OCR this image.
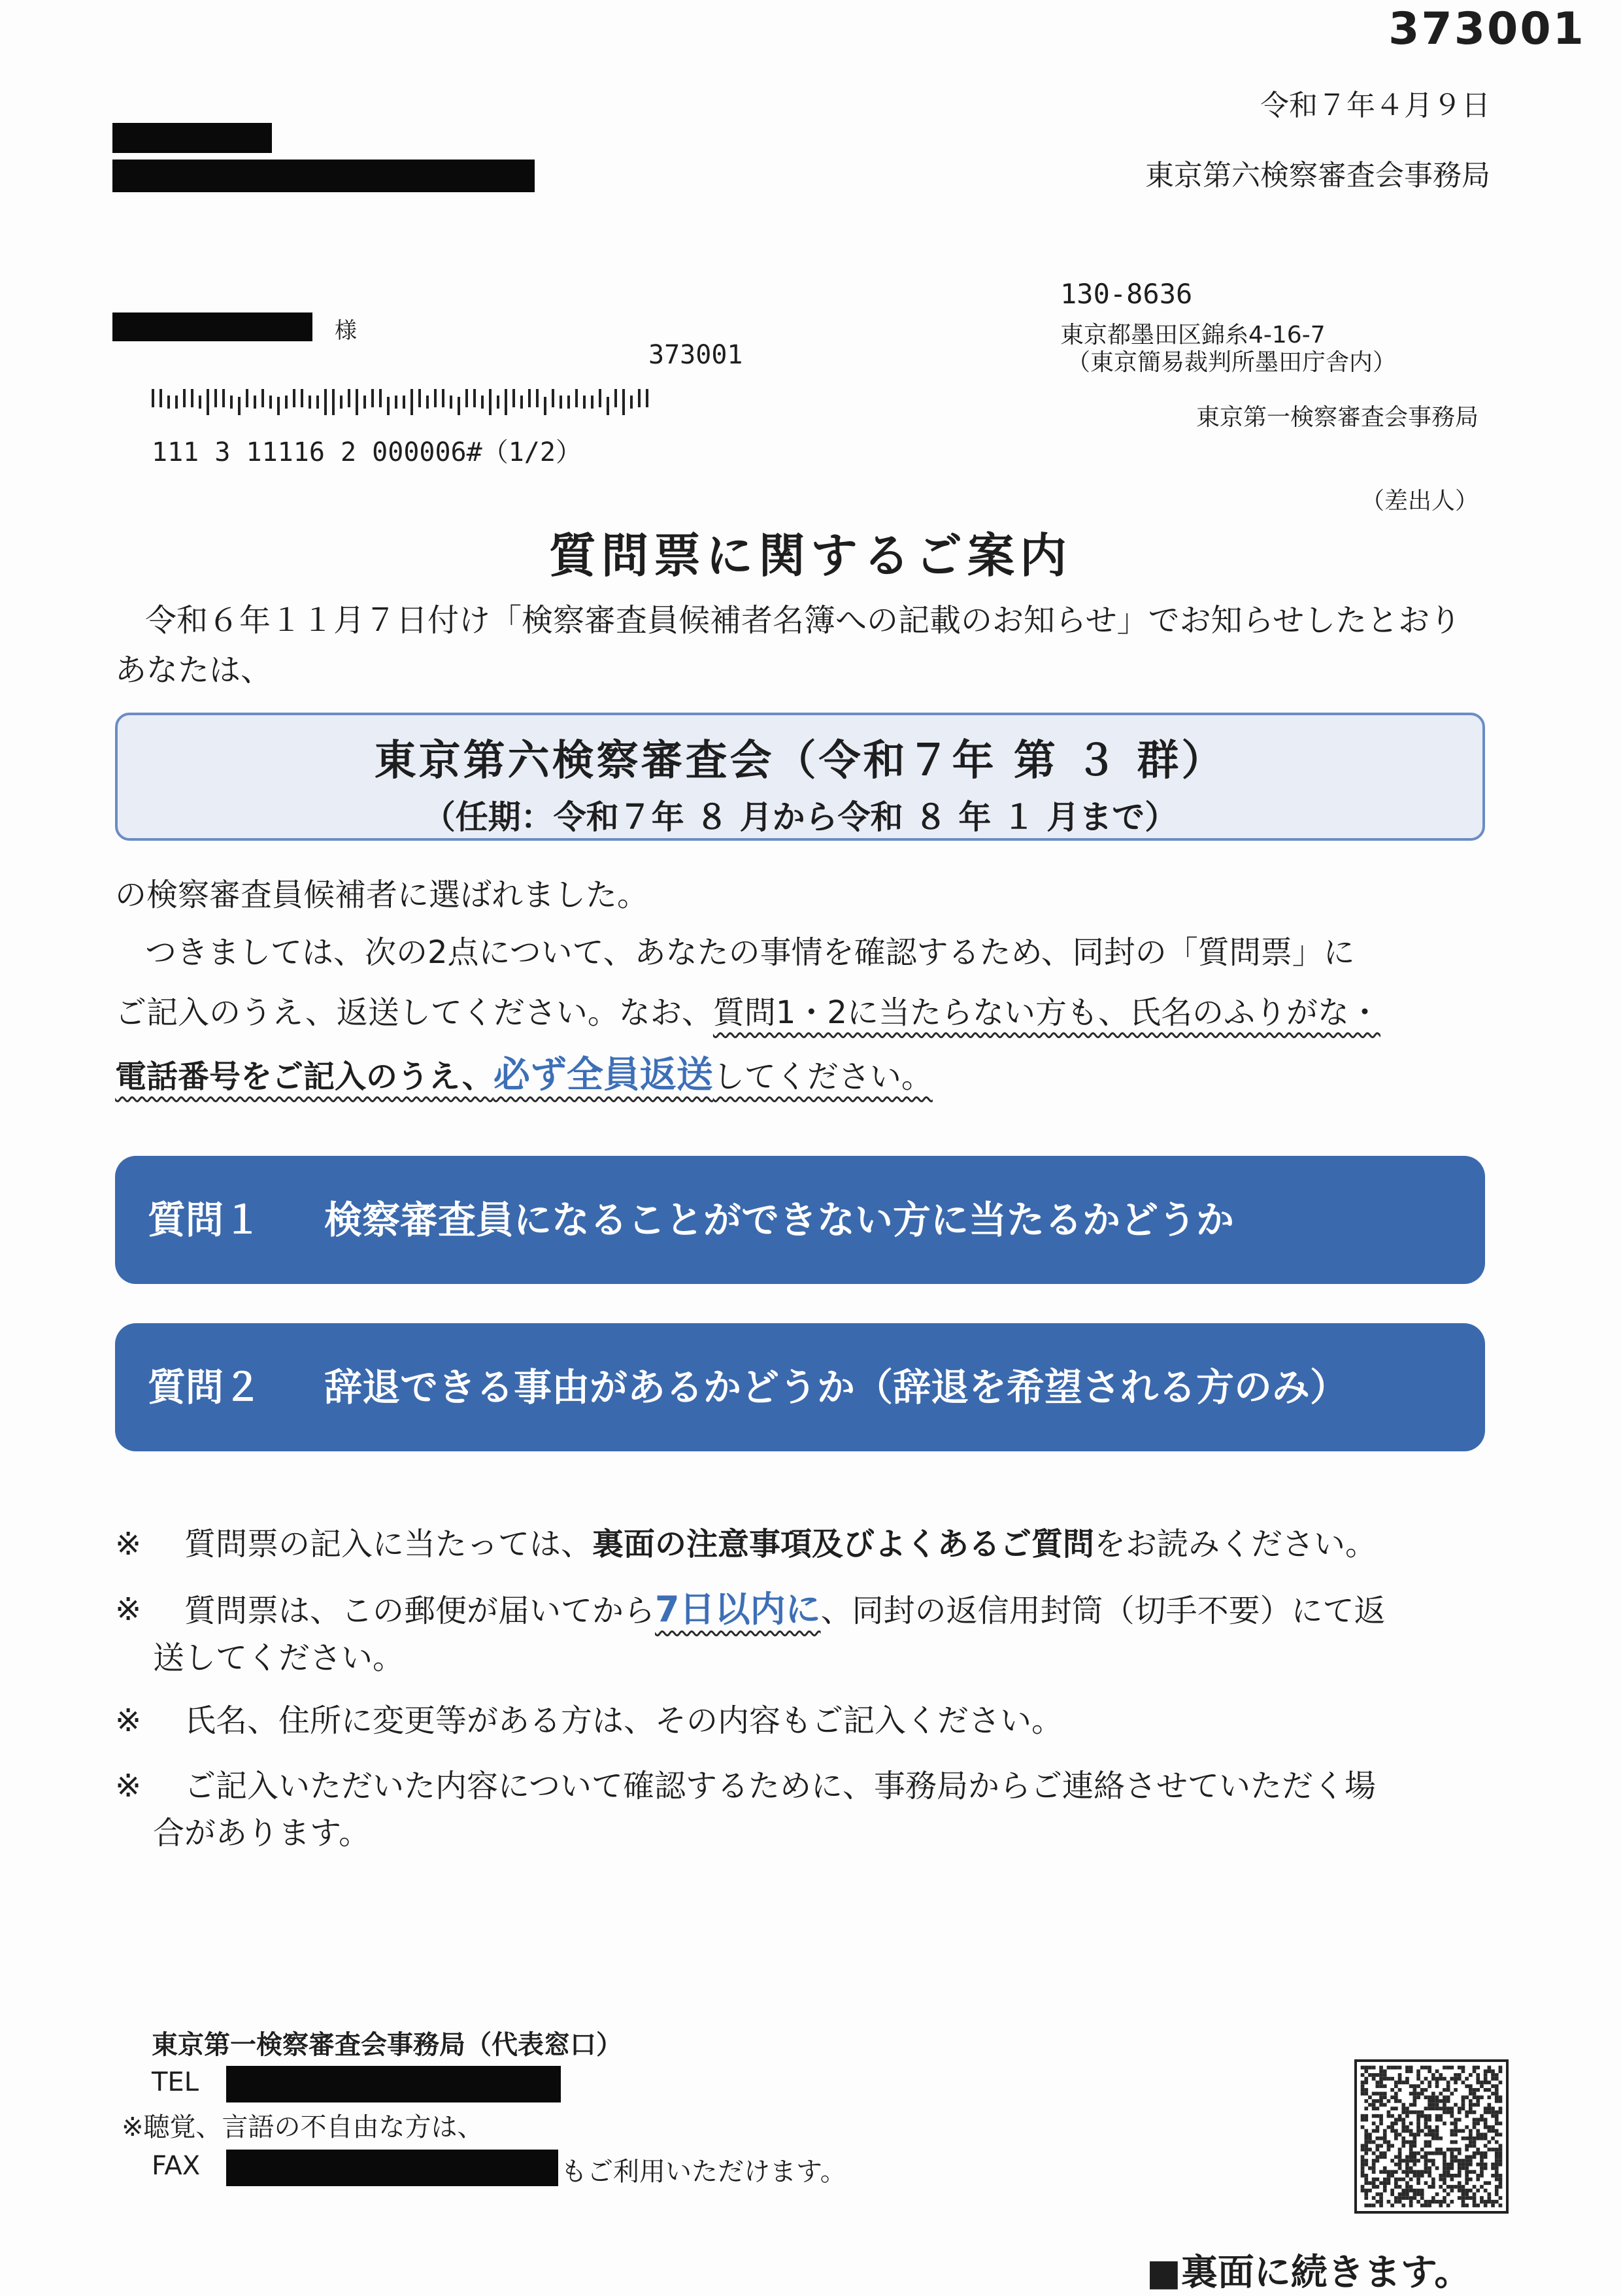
373001
令和７年４月９日
東京第六検察審査会事務局
様
373001
111 3 11116 2 000006#（1/2）
130-8636
東京都墨田区錦糸4-16-7
（東京簡易裁判所墨田庁舎内）
東京第一検察審査会事務局
（差出人）
質問票に関するご案内
令和６年１１月７日付け「検察審査員候補者名簿への記載のお知らせ」でお知らせしたとおり
あなたは、
東京第六検察審査会（令和７年 第 ３ 群）
（任期：令和７年 ８ 月から令和 ８ 年 １ 月まで）
の検察審査員候補者に選ばれました。
つきましては、次の2点について、あなたの事情を確認するため、同封の「質問票」に
ご記入のうえ、返送してください。なお、質問1・2に当たらない方も、氏名のふりがな・
電話番号をご記入のうえ、必ず全員返送してください。
質問１ 検察審査員になることができない方に当たるかどうか
質問２ 辞退できる事由があるかどうか（辞退を希望される方のみ）
※	質問票の記入に当たっては、裏面の注意事項及びよくあるご質問をお読みください。
※	質問票は、この郵便が届いてから7日以内に、同封の返信用封筒（切手不要）にて返
送してください。
※	氏名、住所に変更等がある方は、その内容もご記入ください。
※	ご記入いただいた内容について確認するために、事務局からご連絡させていただく場
合があります。
東京第一検察審査会事務局（代表窓口）
TEL
※聴覚、言語の不自由な方は、
FAX	もご利用いただけます。
■裏面に続きます。
